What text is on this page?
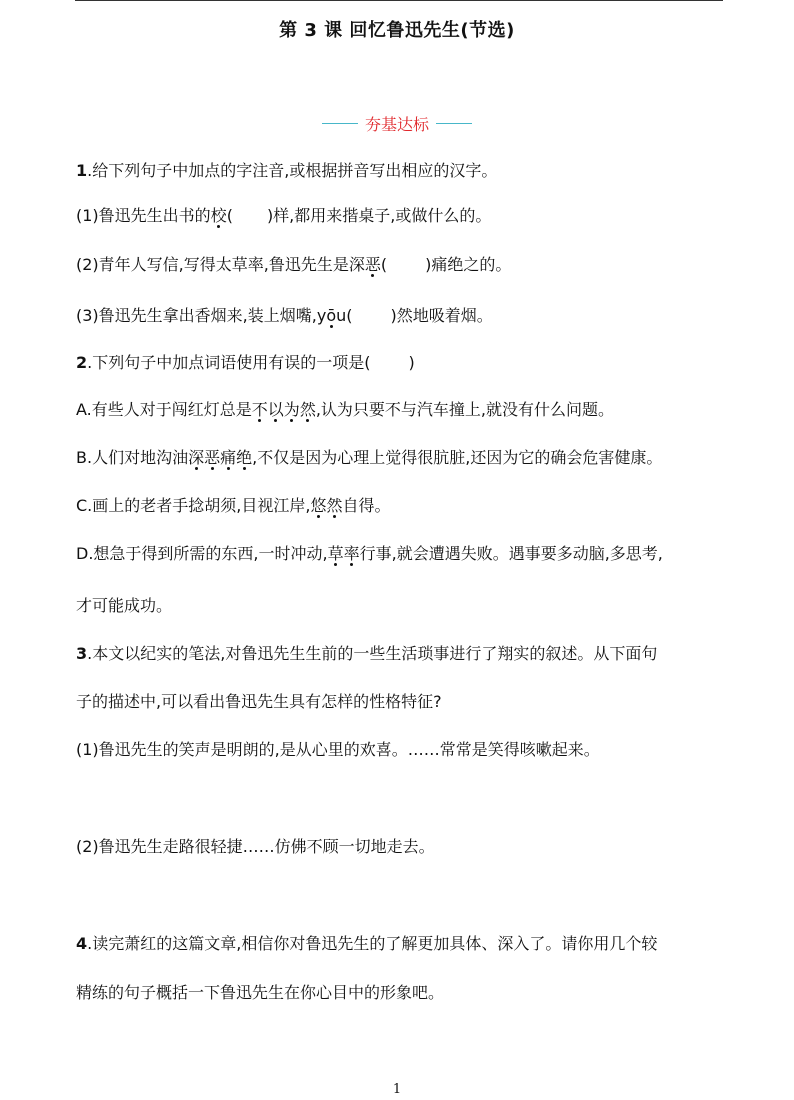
第 3 课 回忆鲁迅先生(节选)
夯基达标
1.给下列句子中加点的字注音,或根据拼音写出相应的汉字。
(1)鲁迅先生出书的校( )样,都用来揩桌子,或做什么的。
(2)青年人写信,写得太草率,鲁迅先生是深恶( )痛绝之的。
(3)鲁迅先生拿出香烟来,装上烟嘴,yōu( )然地吸着烟。
2.下列句子中加点词语使用有误的一项是( )
A.有些人对于闯红灯总是不以为然,认为只要不与汽车撞上,就没有什么问题。
B.人们对地沟油深恶痛绝,不仅是因为心理上觉得很肮脏,还因为它的确会危害健康。
C.画上的老者手捻胡须,目视江岸,悠然自得。
D.想急于得到所需的东西,一时冲动,草率行事,就会遭遇失败。遇事要多动脑,多思考,
才可能成功。
3.本文以纪实的笔法,对鲁迅先生生前的一些生活琐事进行了翔实的叙述。从下面句
子的描述中,可以看出鲁迅先生具有怎样的性格特征?
(1)鲁迅先生的笑声是明朗的,是从心里的欢喜。……常常是笑得咳嗽起来。
(2)鲁迅先生走路很轻捷……仿佛不顾一切地走去。
4.读完萧红的这篇文章,相信你对鲁迅先生的了解更加具体、深入了。请你用几个较
精练的句子概括一下鲁迅先生在你心目中的形象吧。
1
